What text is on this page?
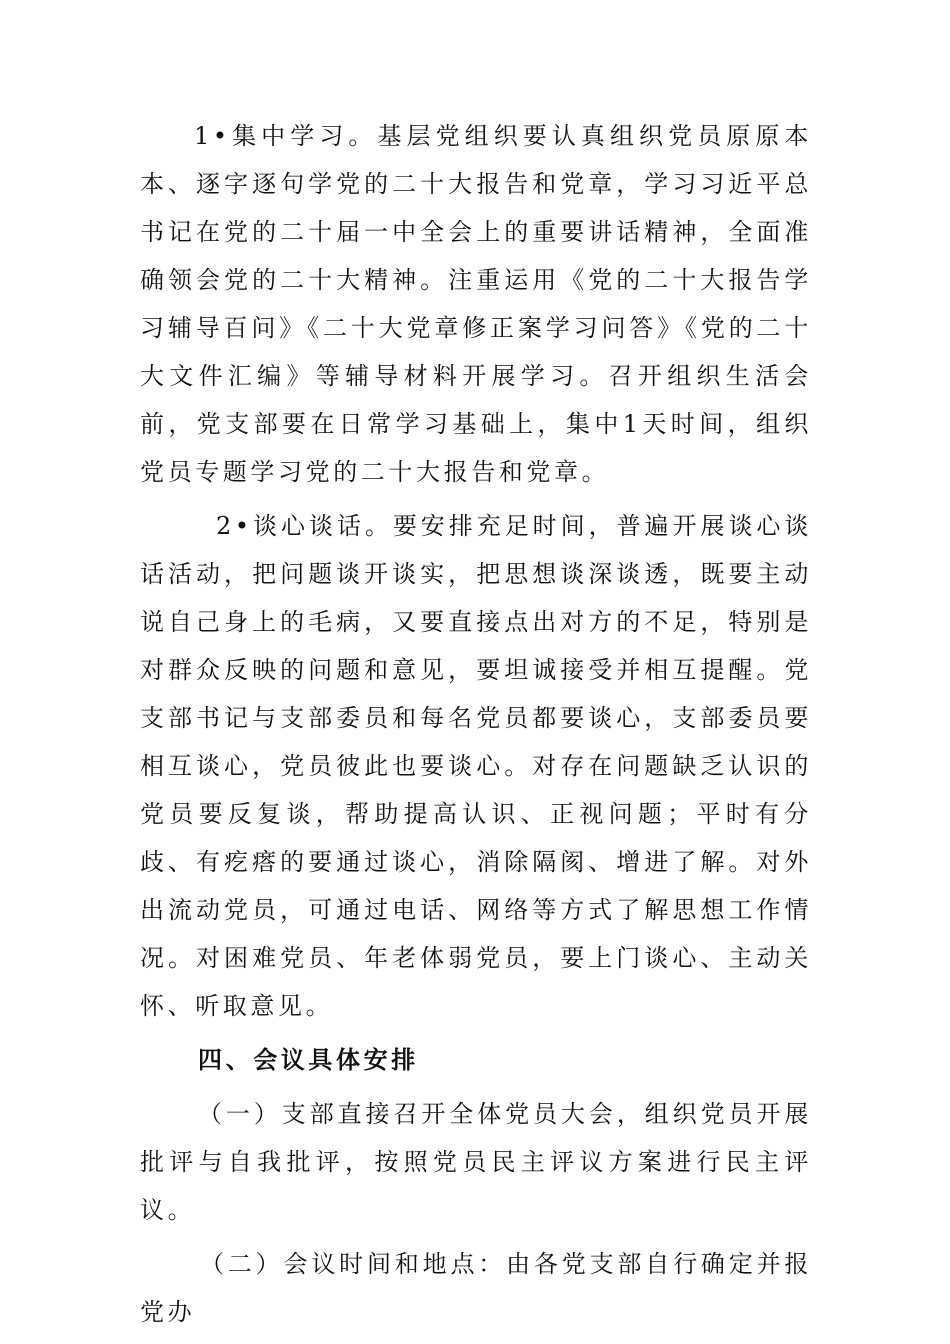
1•集中学习。基层党组织要认真组织党员原原本本、逐字逐句学党的二十大报告和党章，学习习近平总书记在党的二十届一中全会上的重要讲话精神，全面准确领会党的二十大精神。注重运用《党的二十大报告学习辅导百问》《二十大党章修正案学习问答》《党的二十大文件汇编》等辅导材料开展学习。召开组织生活会前，党支部要在日常学习基础上，集中1天时间，组织党员专题学习党的二十大报告和党章。

2•谈心谈话。要安排充足时间，普遍开展谈心谈话活动，把问题谈开谈实，把思想谈深谈透，既要主动说自己身上的毛病，又要直接点出对方的不足，特别是对群众反映的问题和意见，要坦诚接受并相互提醒。党支部书记与支部委员和每名党员都要谈心，支部委员要相互谈心，党员彼此也要谈心。对存在问题缺乏认识的党员要反复谈，帮助提高认识、正视问题；平时有分歧、有疙瘩的要通过谈心，消除隔阂、增进了解。对外出流动党员，可通过电话、网络等方式了解思想工作情况。对困难党员、年老体弱党员，要上门谈心、主动关怀、听取意见。

四、会议具体安排

（一）支部直接召开全体党员大会，组织党员开展批评与自我批评，按照党员民主评议方案进行民主评议。

（二）会议时间和地点：由各党支部自行确定并报党办
